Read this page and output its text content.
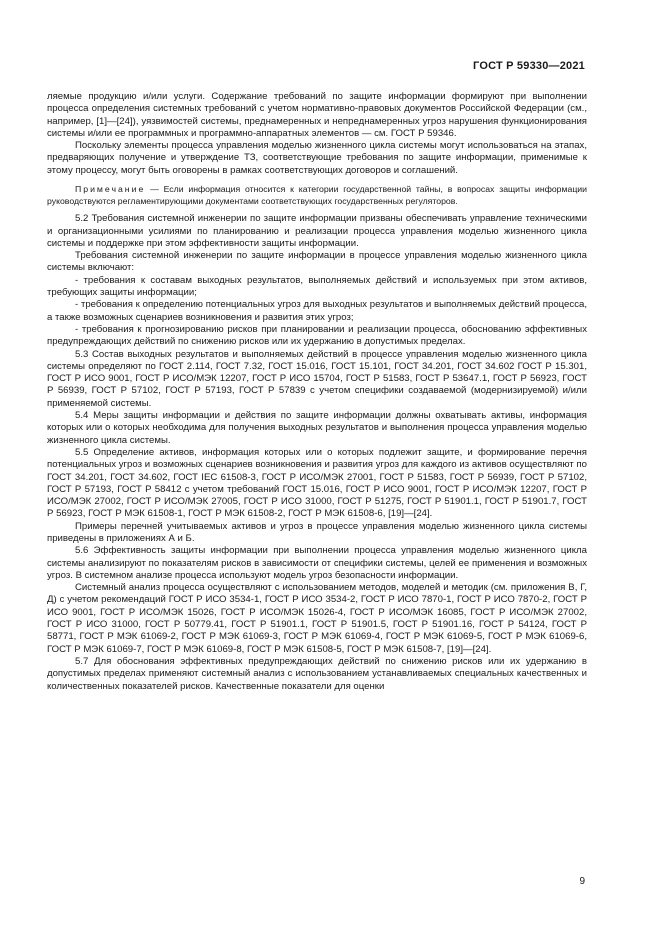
ГОСТ Р 59330—2021

ляемые продукцию и/или услуги. Содержание требований по защите информации формируют при выполнении процесса определения системных требований с учетом нормативно-правовых документов Российской Федерации (см., например, [1]—[24]), уязвимостей системы, преднамеренных и непреднамеренных угроз нарушения функционирования системы и/или ее программных и программно-аппаратных элементов — см. ГОСТ Р 59346.

Поскольку элементы процесса управления моделью жизненного цикла системы могут использоваться на этапах, предваряющих получение и утверждение ТЗ, соответствующие требования по защите информации, применимые к этому процессу, могут быть оговорены в рамках соответствующих договоров и соглашений.

Примечание — Если информация относится к категории государственной тайны, в вопросах защиты информации руководствуются регламентирующими документами соответствующих государственных регуляторов.

5.2 Требования системной инженерии по защите информации призваны обеспечивать управление техническими и организационными усилиями по планированию и реализации процесса управления моделью жизненного цикла системы и поддержке при этом эффективности защиты информации.

Требования системной инженерии по защите информации в процессе управления моделью жизненного цикла системы включают:

- требования к составам выходных результатов, выполняемых действий и используемых при этом активов, требующих защиты информации;

- требования к определению потенциальных угроз для выходных результатов и выполняемых действий процесса, а также возможных сценариев возникновения и развития этих угроз;

- требования к прогнозированию рисков при планировании и реализации процесса, обоснованию эффективных предупреждающих действий по снижению рисков или их удержанию в допустимых пределах.

5.3 Состав выходных результатов и выполняемых действий в процессе управления моделью жизненного цикла системы определяют по ГОСТ 2.114, ГОСТ 7.32, ГОСТ 15.016, ГОСТ 15.101, ГОСТ 34.201, ГОСТ 34.602 ГОСТ Р 15.301, ГОСТ Р ИСО 9001, ГОСТ Р ИСО/МЭК 12207, ГОСТ Р ИСО 15704, ГОСТ Р 51583, ГОСТ Р 53647.1, ГОСТ Р 56923, ГОСТ Р 56939, ГОСТ Р 57102, ГОСТ Р 57193, ГОСТ Р 57839 с учетом специфики создаваемой (модернизируемой) и/или применяемой системы.

5.4 Меры защиты информации и действия по защите информации должны охватывать активы, информация которых или о которых необходима для получения выходных результатов и выполнения процесса управления моделью жизненного цикла системы.

5.5 Определение активов, информация которых или о которых подлежит защите, и формирование перечня потенциальных угроз и возможных сценариев возникновения и развития угроз для каждого из активов осуществляют по ГОСТ 34.201, ГОСТ 34.602, ГОСТ IEC 61508-3, ГОСТ Р ИСО/МЭК 27001, ГОСТ Р 51583, ГОСТ Р 56939, ГОСТ Р 57102, ГОСТ Р 57193, ГОСТ Р 58412 с учетом требований ГОСТ 15.016, ГОСТ Р ИСО 9001, ГОСТ Р ИСО/МЭК 12207, ГОСТ Р ИСО/МЭК 27002, ГОСТ Р ИСО/МЭК 27005, ГОСТ Р ИСО 31000, ГОСТ Р 51275, ГОСТ Р 51901.1, ГОСТ Р 51901.7, ГОСТ Р 56923, ГОСТ Р МЭК 61508-1, ГОСТ Р МЭК 61508-2, ГОСТ Р МЭК 61508-6, [19]—[24].

Примеры перечней учитываемых активов и угроз в процессе управления моделью жизненного цикла системы приведены в приложениях А и Б.

5.6 Эффективность защиты информации при выполнении процесса управления моделью жизненного цикла системы анализируют по показателям рисков в зависимости от специфики системы, целей ее применения и возможных угроз. В системном анализе процесса используют модель угроз безопасности информации.

Системный анализ процесса осуществляют с использованием методов, моделей и методик (см. приложения В, Г, Д) с учетом рекомендаций ГОСТ Р ИСО 3534-1, ГОСТ Р ИСО 3534-2, ГОСТ Р ИСО 7870-1, ГОСТ Р ИСО 7870-2, ГОСТ Р ИСО 9001, ГОСТ Р ИСО/МЭК 15026, ГОСТ Р ИСО/МЭК 15026-4, ГОСТ Р ИСО/МЭК 16085, ГОСТ Р ИСО/МЭК 27002, ГОСТ Р ИСО 31000, ГОСТ Р 50779.41, ГОСТ Р 51901.1, ГОСТ Р 51901.5, ГОСТ Р 51901.16, ГОСТ Р 54124, ГОСТ Р 58771, ГОСТ Р МЭК 61069-2, ГОСТ Р МЭК 61069-3, ГОСТ Р МЭК 61069-4, ГОСТ Р МЭК 61069-5, ГОСТ Р МЭК 61069-6, ГОСТ Р МЭК 61069-7, ГОСТ Р МЭК 61069-8, ГОСТ Р МЭК 61508-5, ГОСТ Р МЭК 61508-7, [19]—[24].

5.7 Для обоснования эффективных предупреждающих действий по снижению рисков или их удержанию в допустимых пределах применяют системный анализ с использованием устанавливаемых специальных качественных и количественных показателей рисков. Качественные показатели для оценки

9
